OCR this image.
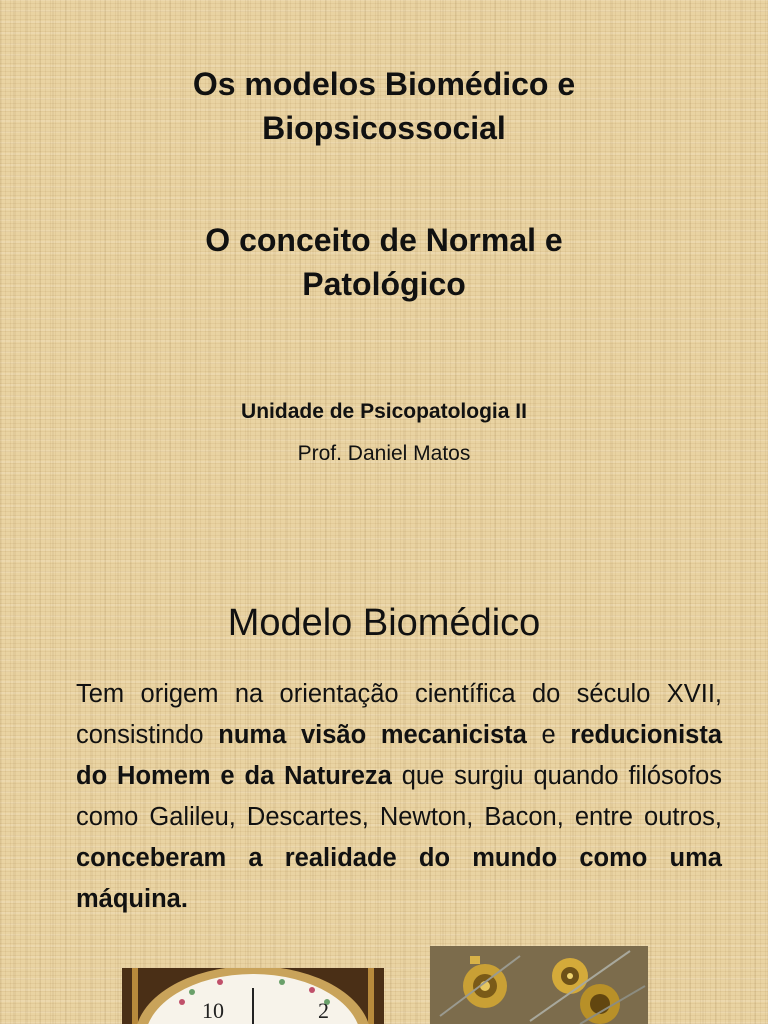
Os modelos Biomédico e
Biopsicossocial
O conceito de Normal e
Patológico
Unidade de Psicopatologia II
Prof. Daniel Matos
Modelo Biomédico
Tem origem na orientação científica do século XVII, consistindo numa visão mecanicista e reducionista do Homem e da Natureza que surgiu quando filósofos como Galileu, Descartes, Newton, Bacon, entre outros, conceberam a realidade do mundo como uma máquina.
10	2
